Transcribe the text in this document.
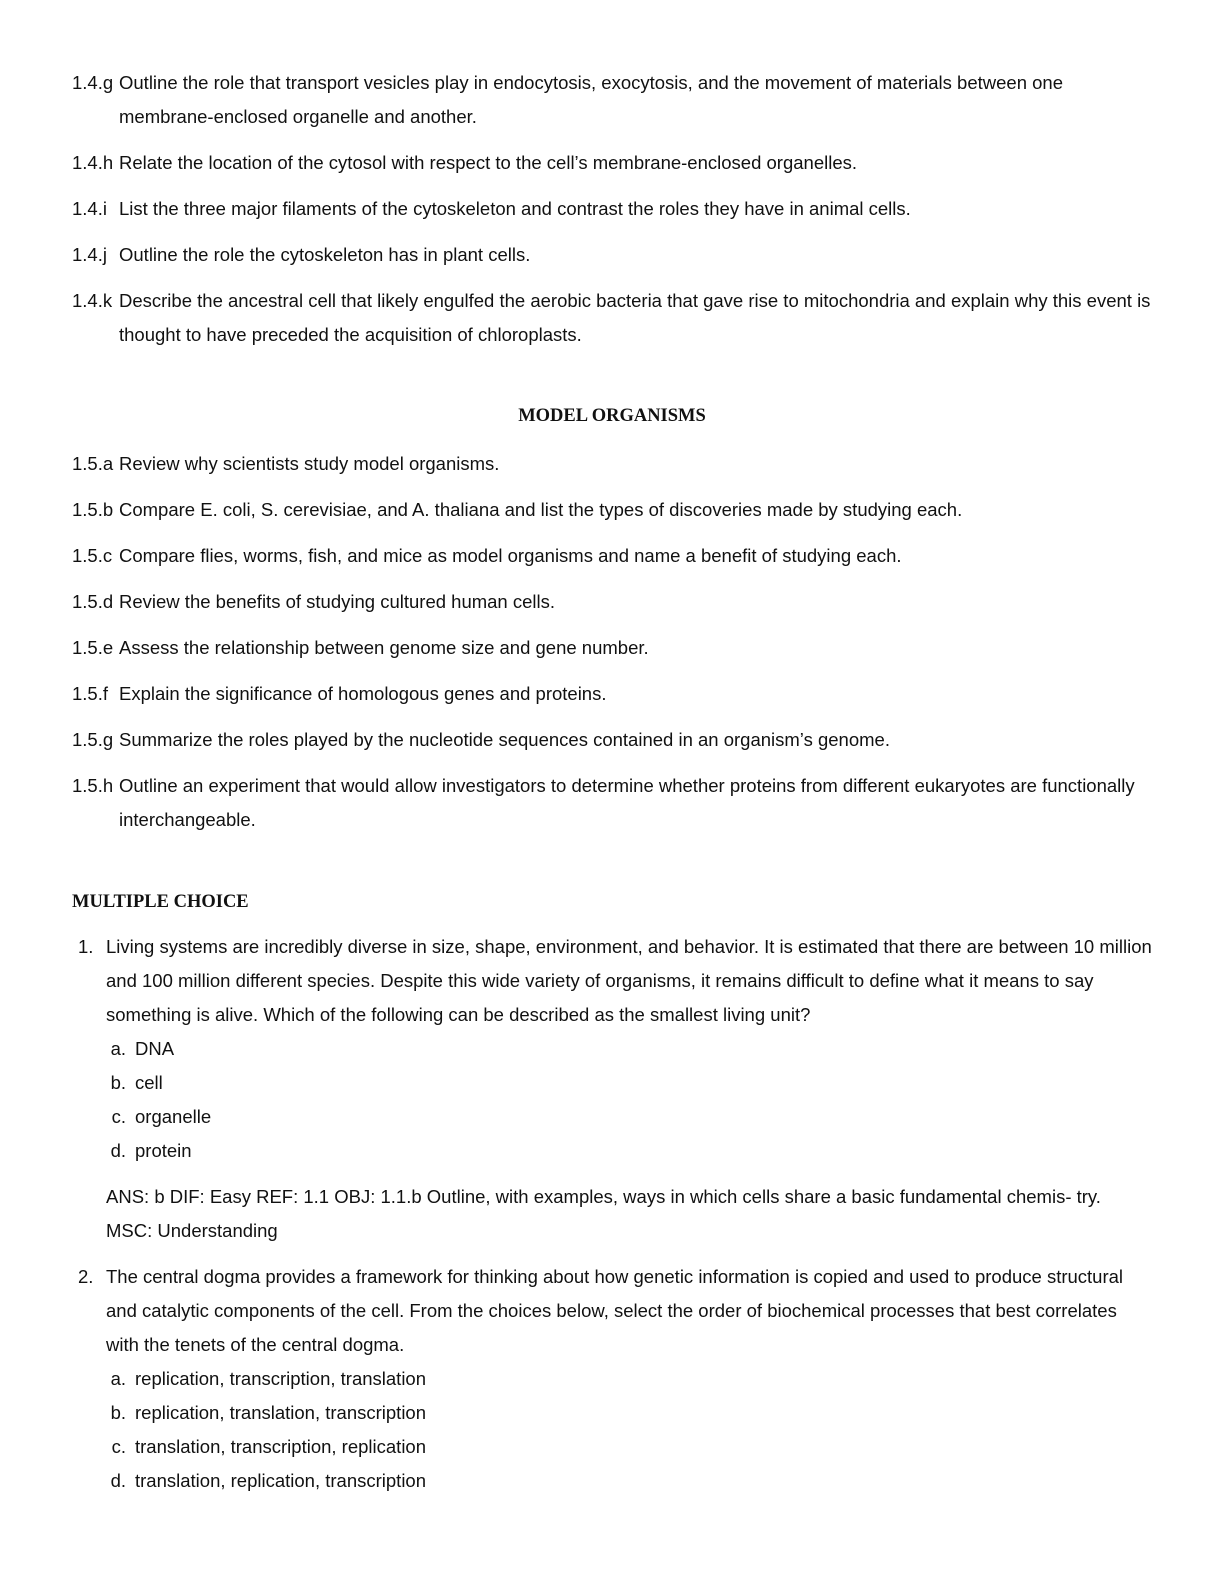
1.4.g Outline the role that transport vesicles play in endocytosis, exocytosis, and the movement of materials between one membrane-enclosed organelle and another.
1.4.h Relate the location of the cytosol with respect to the cell’s membrane-enclosed organelles.
1.4.i List the three major filaments of the cytoskeleton and contrast the roles they have in animal cells.
1.4.j Outline the role the cytoskeleton has in plant cells.
1.4.k Describe the ancestral cell that likely engulfed the aerobic bacteria that gave rise to mitochondria and explain why this event is thought to have preceded the acquisition of chloroplasts.
MODEL ORGANISMS
1.5.a Review why scientists study model organisms.
1.5.b Compare E. coli, S. cerevisiae, and A. thaliana and list the types of discoveries made by studying each.
1.5.c Compare flies, worms, fish, and mice as model organisms and name a benefit of studying each.
1.5.d Review the benefits of studying cultured human cells.
1.5.e Assess the relationship between genome size and gene number.
1.5.f Explain the significance of homologous genes and proteins.
1.5.g Summarize the roles played by the nucleotide sequences contained in an organism’s genome.
1.5.h Outline an experiment that would allow investigators to determine whether proteins from different eukaryotes are functionally interchangeable.
MULTIPLE CHOICE
1. Living systems are incredibly diverse in size, shape, environment, and behavior. It is estimated that there are between 10 million and 100 million different species. Despite this wide variety of organisms, it remains difficult to define what it means to say something is alive. Which of the following can be described as the smallest living unit?
a. DNA
b. cell
c. organelle
d. protein
ANS: b DIF: Easy REF: 1.1 OBJ: 1.1.b Outline, with examples, ways in which cells share a basic fundamental chemis- try. MSC: Understanding
2. The central dogma provides a framework for thinking about how genetic information is copied and used to produce structural and catalytic components of the cell. From the choices below, select the order of biochemical processes that best correlates with the tenets of the central dogma.
a. replication, transcription, translation
b. replication, translation, transcription
c. translation, transcription, replication
d. translation, replication, transcription
